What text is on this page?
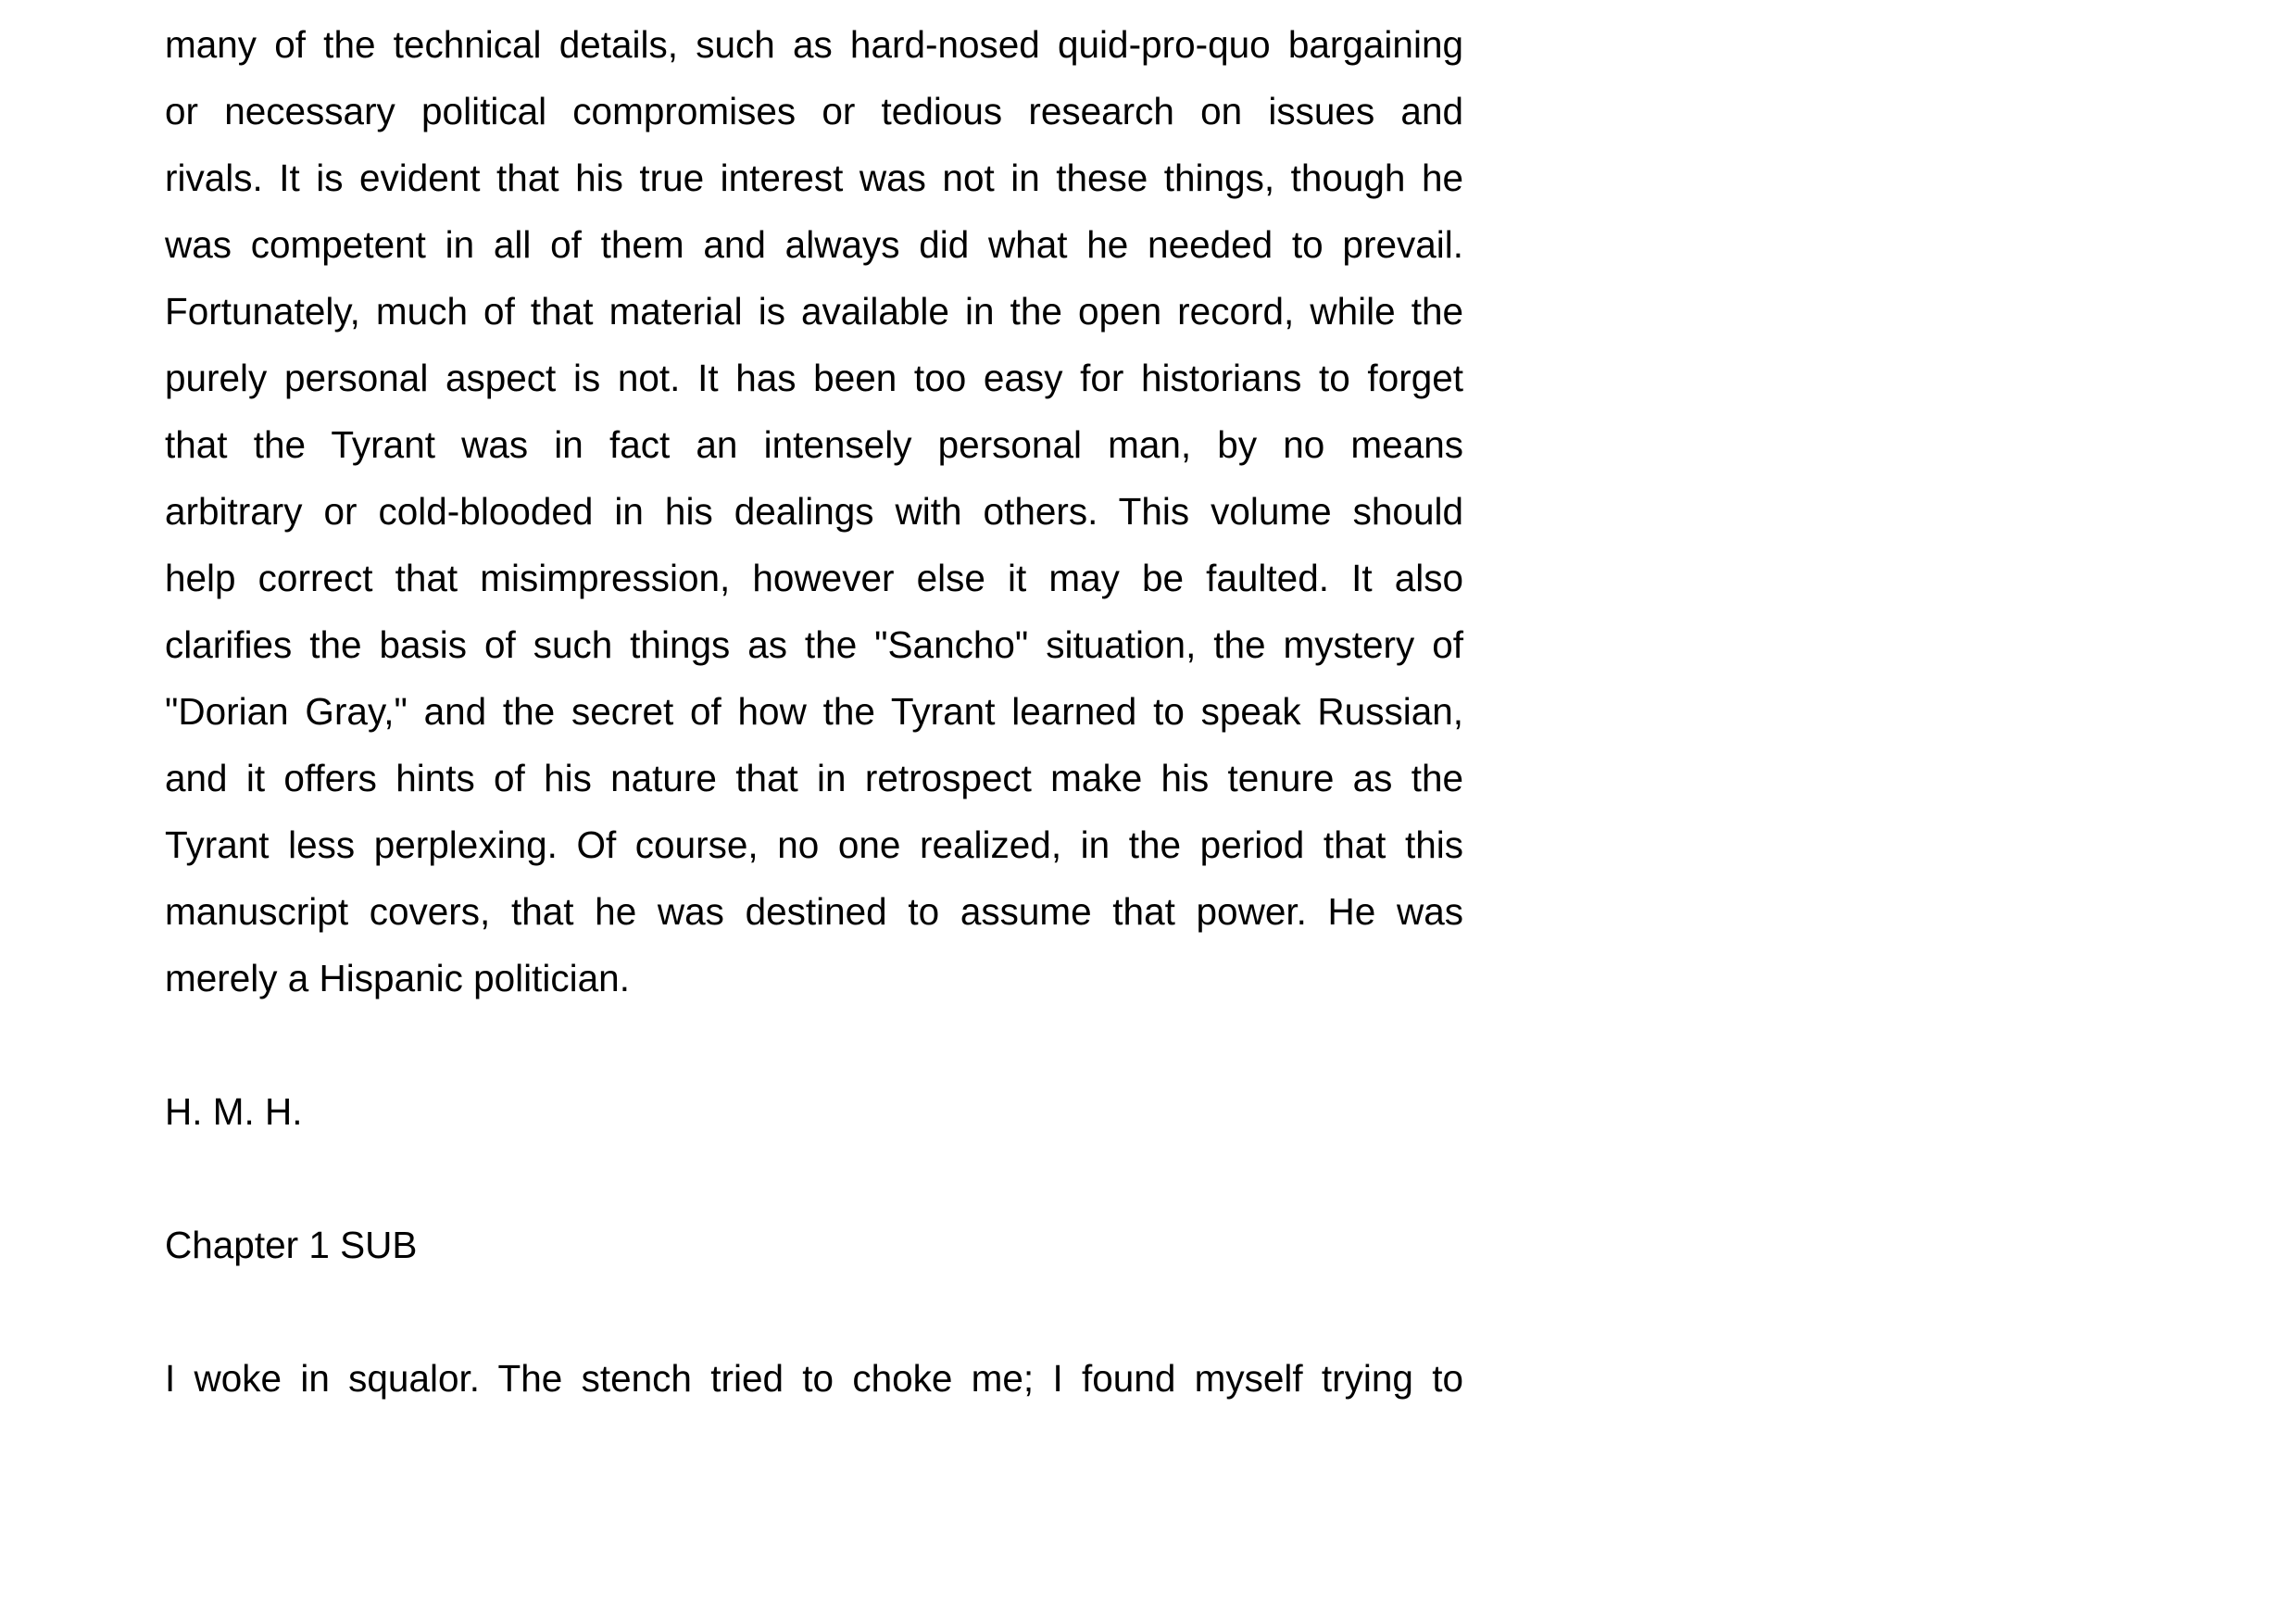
many of the technical details, such as hard-nosed quid-pro-quo bargaining
or necessary political compromises or tedious research on issues and
rivals. It is evident that his true interest was not in these things, though he
was competent in all of them and always did what he needed to prevail.
Fortunately, much of that material is available in the open record, while the
purely personal aspect is not. It has been too easy for historians to forget
that the Tyrant was in fact an intensely personal man, by no means
arbitrary or cold-blooded in his dealings with others. This volume should
help correct that misimpression, however else it may be faulted. It also
clarifies the basis of such things as the "Sancho" situation, the mystery of
"Dorian Gray," and the secret of how the Tyrant learned to speak Russian,
and it offers hints of his nature that in retrospect make his tenure as the
Tyrant less perplexing. Of course, no one realized, in the period that this
manuscript covers, that he was destined to assume that power. He was
merely a Hispanic politician.
H. M. H.
Chapter 1 SUB
I woke in squalor. The stench tried to choke me; I found myself trying to
